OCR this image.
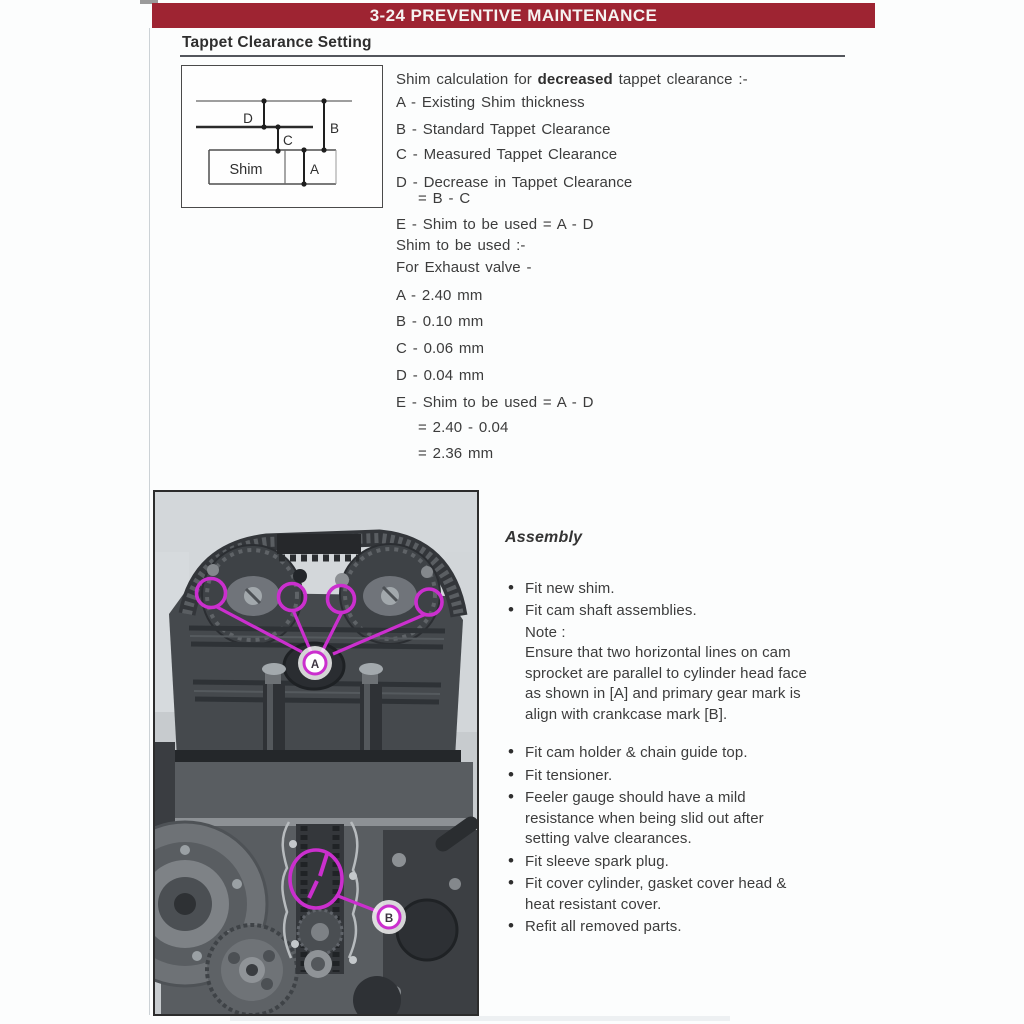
3-24 PREVENTIVE MAINTENANCE
Tappet Clearance Setting
D
C
B
A
Shim
Shim calculation for decreased tappet clearance :-
A - Existing Shim thickness
B - Standard Tappet Clearance
C - Measured Tappet Clearance
D - Decrease in Tappet Clearance
= B - C
E - Shim to be used = A - D
Shim to be used :-
For Exhaust valve -
A - 2.40 mm
B - 0.10 mm
C - 0.06 mm
D - 0.04 mm
E - Shim to be used = A - D
= 2.40 - 0.04
= 2.36 mm
A
B
Assembly
• Fit new shim.
• Fit cam shaft assemblies.
Note :
Ensure that two horizontal lines on cam sprocket are parallel to cylinder head face as shown in [A] and primary gear mark is align with crankcase mark [B].
• Fit cam holder & chain guide top.
• Fit tensioner.
• Feeler gauge should have a mild resistance when being slid out after setting valve clearances.
• Fit sleeve spark plug.
• Fit cover cylinder, gasket cover head & heat resistant cover.
• Refit all removed parts.
